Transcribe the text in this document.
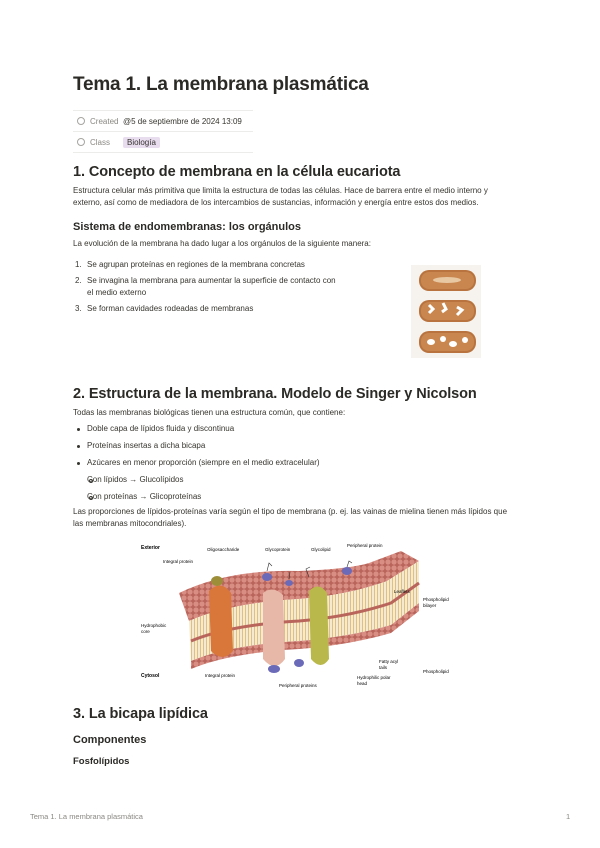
Tema 1. La membrana plasmática
Created @5 de septiembre de 2024 13:09
Class	Biología
1. Concepto de membrana en la célula eucariota

Estructura celular más primitiva que limita la estructura de todas las células. Hace de barrera entre el medio interno y

externo, así como de mediadora de los intercambios de sustancias, información y energía entre estos dos medios.

Sistema de endomembranas: los orgánulos

La evolución de la membrana ha dado lugar a los orgánulos de la siguiente manera:

1. Se agrupan proteínas en regiones de la membrana concretas
2. Se invagina la membrana para aumentar la superficie de contacto con
el medio externo
3. Se forman cavidades rodeadas de membranas
2. Estructura de la membrana. Modelo de Singer y Nicolson

Todas las membranas biológicas tienen una estructura común, que contiene:

Doble capa de lípidos fluida y discontinua
Proteínas insertas a dicha bicapa
Azúcares en menor proporción (siempre en el medio extracelular)
Con lípidos → Glucolípidos
Con proteínas → Glicoproteínas

Las proporciones de lípidos-proteínas varía según el tipo de membrana (p. ej. las vainas de mielina tienen más lípidos que

las membranas mitocondriales).

Exterior	Oligosaccharide	Glycoprotein	Glycolipid
Peripheral protein
Integral protein
Leaflets
Phospholipid
bilayer
Hydrophobic
core
Fatty acyl
tails
Cytosol	Integral protein
Peripheral proteins
Hydrophilic polar
head
Phospholipid
3. La bicapa lipídica
Componentes
Fosfolípidos
Tema 1. La membrana plasmática	1
